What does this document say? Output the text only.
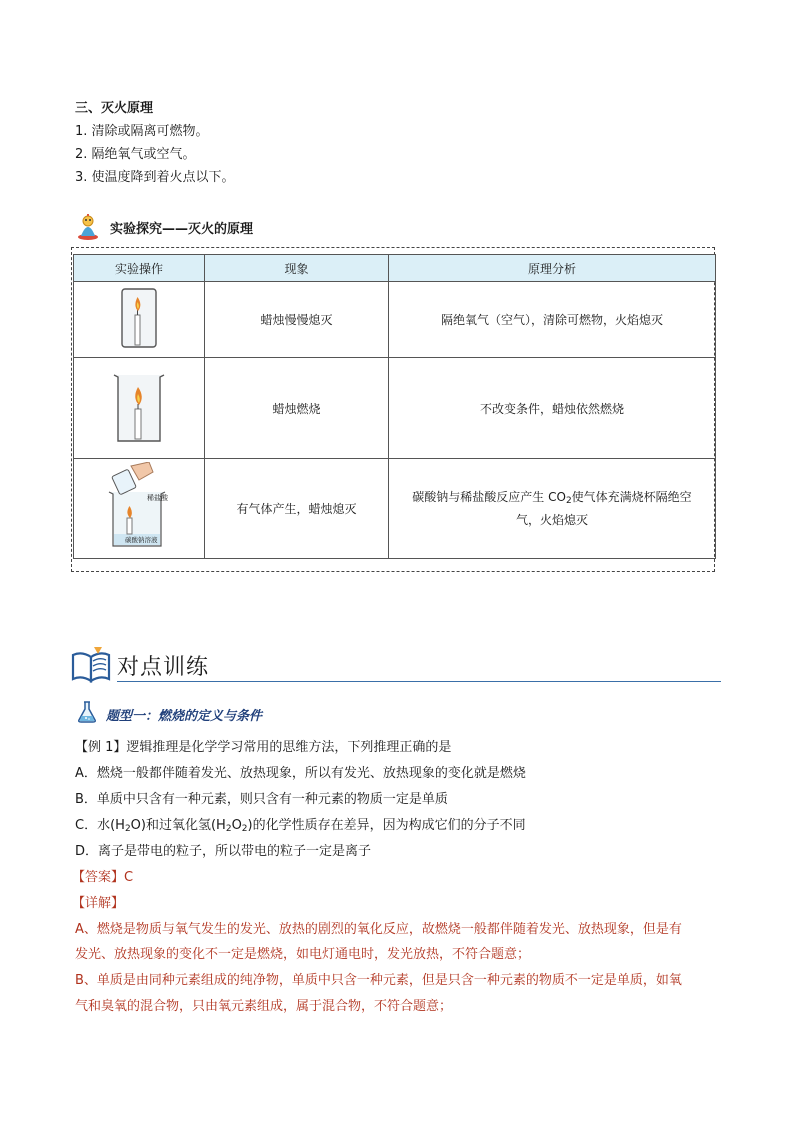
三、灭火原理
1. 清除或隔离可燃物。
2. 隔绝氧气或空气。
3. 使温度降到着火点以下。
实验探究——灭火的原理
实验操作	现象	原理分析
	蜡烛慢慢熄灭	隔绝氧气（空气），清除可燃物，火焰熄灭
	蜡烛燃烧	不改变条件，蜡烛依然燃烧

稀盐酸
碳酸钠溶液	有气体产生，蜡烛熄灭	碳酸钠与稀盐酸反应产生 $CO_2$使气体充满烧杯隔绝空气，火焰熄灭
对点训练
题型一：燃烧的定义与条件
【例 1】逻辑推理是化学学习常用的思维方法，下列推理正确的是
A．燃烧一般都伴随着发光、放热现象，所以有发光、放热现象的变化就是燃烧
B．单质中只含有一种元素，则只含有一种元素的物质一定是单质
C．水$(H_2O)$和过氧化氢$(H_2O_2)$的化学性质存在差异，因为构成它们的分子不同
D．离子是带电的粒子，所以带电的粒子一定是离子
【答案】C
【详解】
A、燃烧是物质与氧气发生的发光、放热的剧烈的氧化反应，故燃烧一般都伴随着发光、放热现象，但是有
发光、放热现象的变化不一定是燃烧，如电灯通电时，发光放热，不符合题意；
B、单质是由同种元素组成的纯净物，单质中只含一种元素，但是只含一种元素的物质不一定是单质，如氧
气和臭氧的混合物，只由氧元素组成，属于混合物，不符合题意；
